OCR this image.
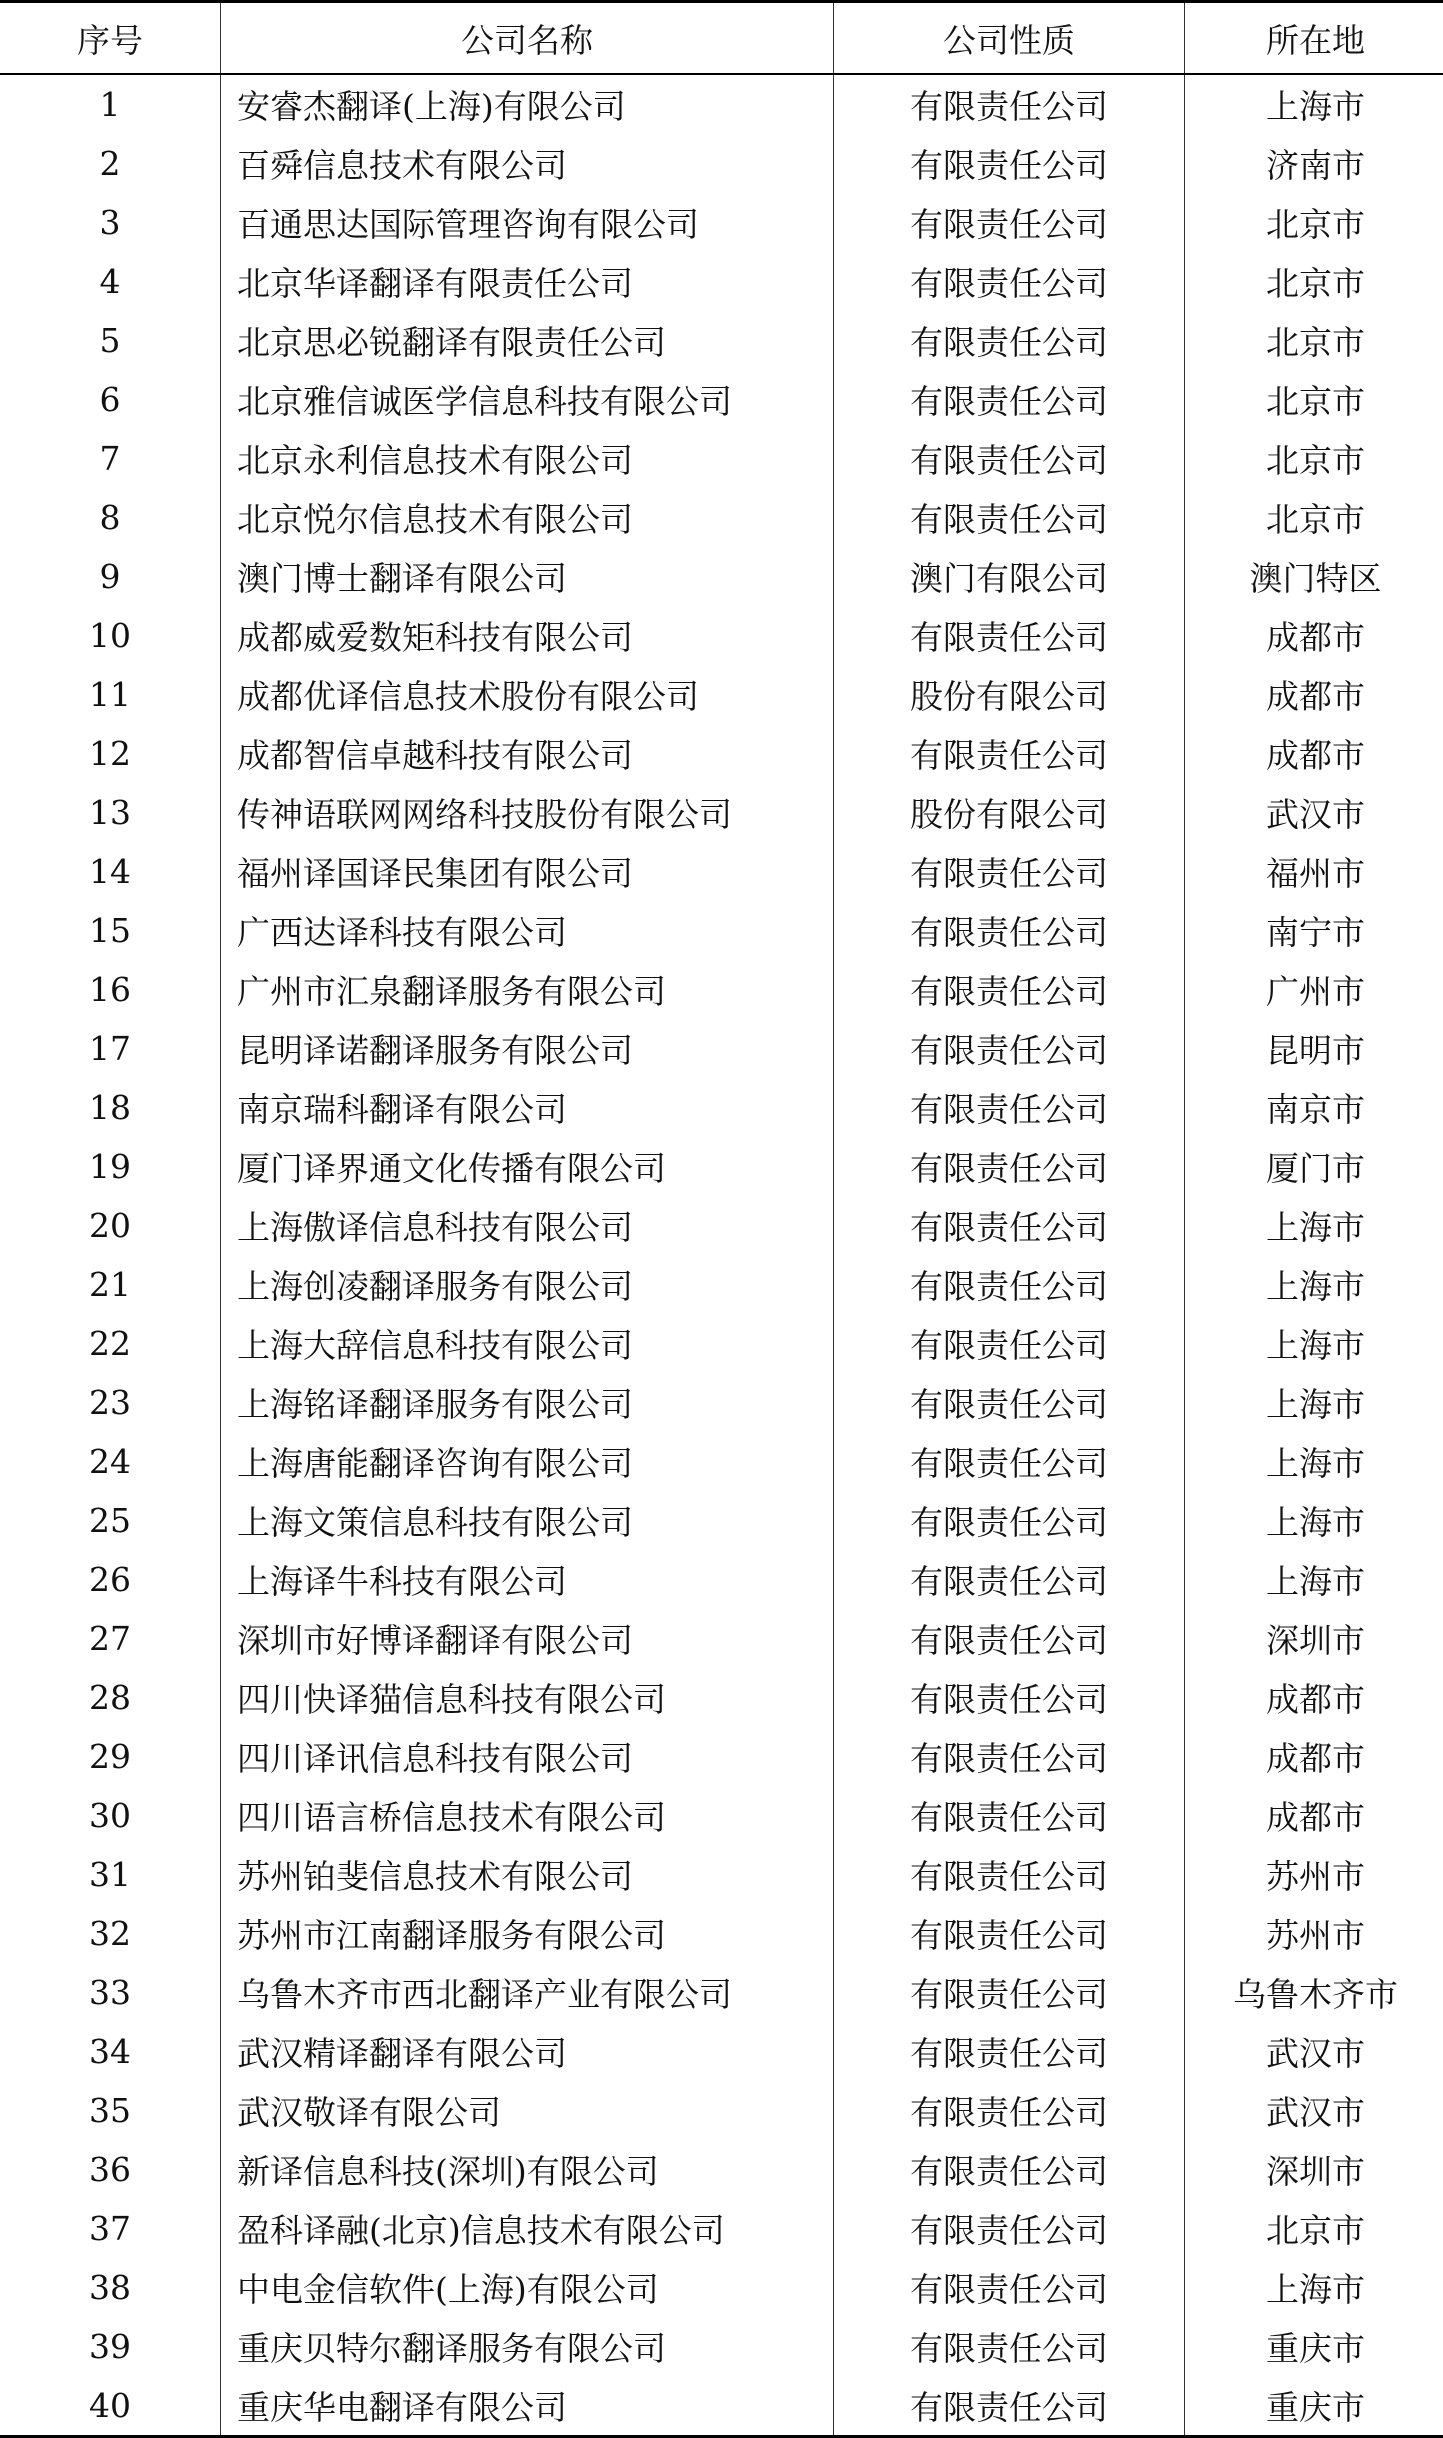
序号	公司名称	公司性质	所在地
1	安睿杰翻译(上海)有限公司	有限责任公司	上海市
2	百舜信息技术有限公司	有限责任公司	济南市
3	百通思达国际管理咨询有限公司	有限责任公司	北京市
4	北京华译翻译有限责任公司	有限责任公司	北京市
5	北京思必锐翻译有限责任公司	有限责任公司	北京市
6	北京雅信诚医学信息科技有限公司	有限责任公司	北京市
7	北京永利信息技术有限公司	有限责任公司	北京市
8	北京悦尔信息技术有限公司	有限责任公司	北京市
9	澳门博士翻译有限公司	澳门有限公司	澳门特区
10	成都威爱数矩科技有限公司	有限责任公司	成都市
11	成都优译信息技术股份有限公司	股份有限公司	成都市
12	成都智信卓越科技有限公司	有限责任公司	成都市
13	传神语联网网络科技股份有限公司	股份有限公司	武汉市
14	福州译国译民集团有限公司	有限责任公司	福州市
15	广西达译科技有限公司	有限责任公司	南宁市
16	广州市汇泉翻译服务有限公司	有限责任公司	广州市
17	昆明译诺翻译服务有限公司	有限责任公司	昆明市
18	南京瑞科翻译有限公司	有限责任公司	南京市
19	厦门译界通文化传播有限公司	有限责任公司	厦门市
20	上海傲译信息科技有限公司	有限责任公司	上海市
21	上海创凌翻译服务有限公司	有限责任公司	上海市
22	上海大辞信息科技有限公司	有限责任公司	上海市
23	上海铭译翻译服务有限公司	有限责任公司	上海市
24	上海唐能翻译咨询有限公司	有限责任公司	上海市
25	上海文策信息科技有限公司	有限责任公司	上海市
26	上海译牛科技有限公司	有限责任公司	上海市
27	深圳市好博译翻译有限公司	有限责任公司	深圳市
28	四川快译猫信息科技有限公司	有限责任公司	成都市
29	四川译讯信息科技有限公司	有限责任公司	成都市
30	四川语言桥信息技术有限公司	有限责任公司	成都市
31	苏州铂斐信息技术有限公司	有限责任公司	苏州市
32	苏州市江南翻译服务有限公司	有限责任公司	苏州市
33	乌鲁木齐市西北翻译产业有限公司	有限责任公司	乌鲁木齐市
34	武汉精译翻译有限公司	有限责任公司	武汉市
35	武汉敬译有限公司	有限责任公司	武汉市
36	新译信息科技(深圳)有限公司	有限责任公司	深圳市
37	盈科译融(北京)信息技术有限公司	有限责任公司	北京市
38	中电金信软件(上海)有限公司	有限责任公司	上海市
39	重庆贝特尔翻译服务有限公司	有限责任公司	重庆市
40	重庆华电翻译有限公司	有限责任公司	重庆市
